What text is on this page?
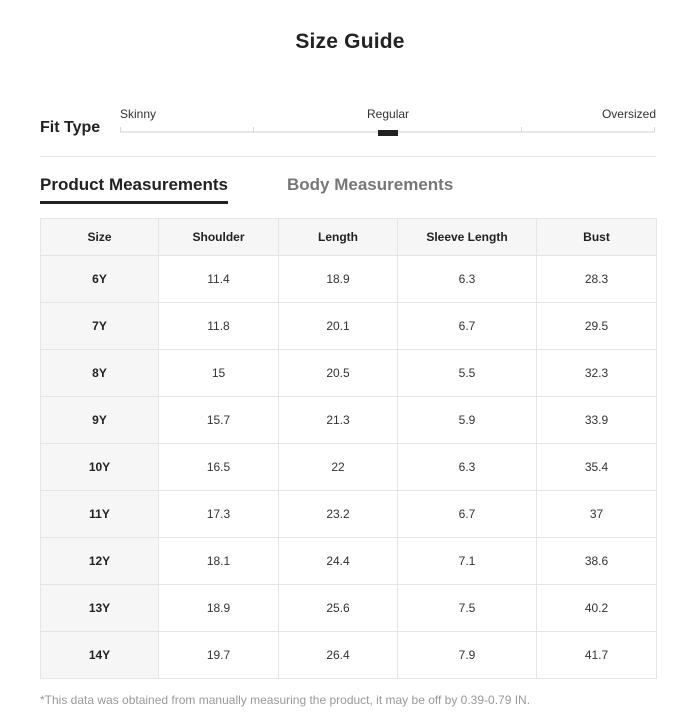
Size Guide
Fit Type
Skinny	Regular	Oversized
Product Measurements	Body Measurements
Size	Shoulder	Length	Sleeve Length	Bust
6Y	11.4	18.9	6.3	28.3
7Y	11.8	20.1	6.7	29.5
8Y	15	20.5	5.5	32.3
9Y	15.7	21.3	5.9	33.9
10Y	16.5	22	6.3	35.4
11Y	17.3	23.2	6.7	37
12Y	18.1	24.4	7.1	38.6
13Y	18.9	25.6	7.5	40.2
14Y	19.7	26.4	7.9	41.7
*This data was obtained from manually measuring the product, it may be off by 0.39-0.79 IN.
